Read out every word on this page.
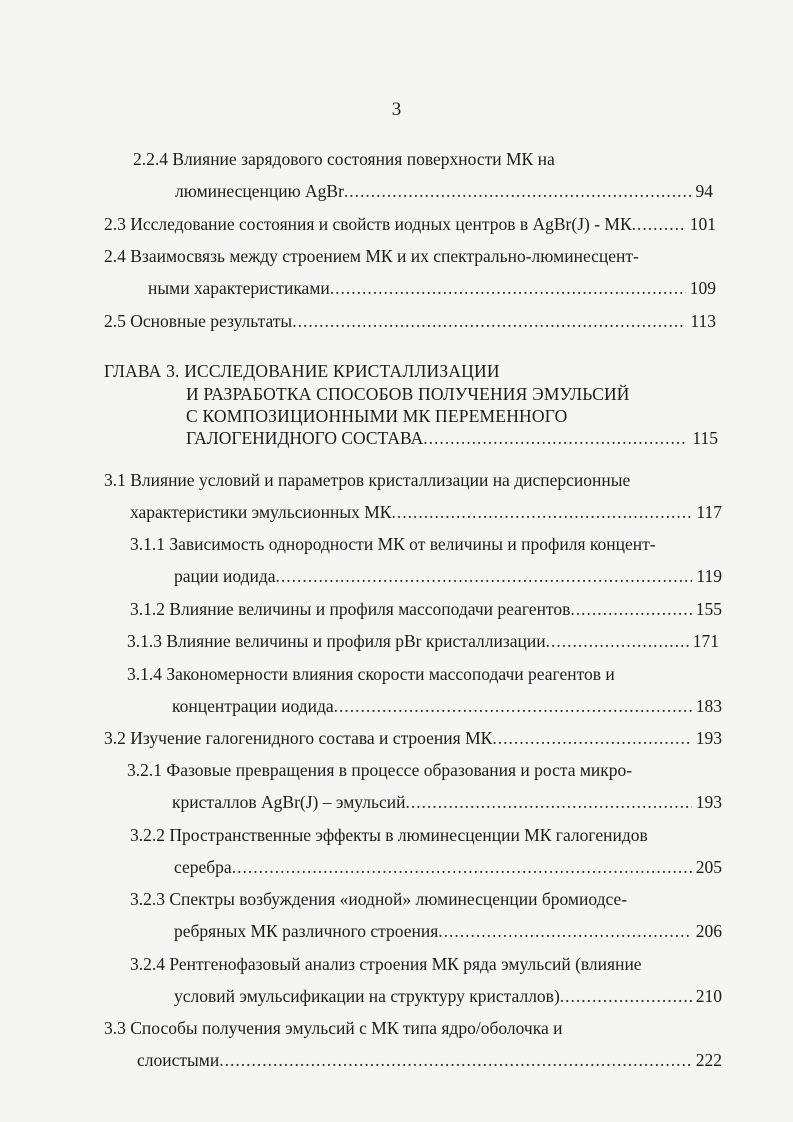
3
2.2.4 Влияние зарядового состояния поверхности МК на
люминесценцию AgBr .....	94
2.3 Исследование состояния и свойств иодных центров в AgBr(J) - МК .....	101
2.4 Взаимосвязь между строением МК и их спектрально-люминесцент-
ными характеристиками .....	109
2.5 Основные результаты .....	113
ГЛАВА 3. ИССЛЕДОВАНИЕ КРИСТАЛЛИЗАЦИИ
И РАЗРАБОТКА СПОСОБОВ ПОЛУЧЕНИЯ ЭМУЛЬСИЙ
С КОМПОЗИЦИОННЫМИ МК ПЕРЕМЕННОГО
ГАЛОГЕНИДНОГО СОСТАВА .....	115
3.1 Влияние условий и параметров кристаллизации на дисперсионные
характеристики эмульсионных МК .....	117
3.1.1 Зависимость однородности МК от величины и профиля концент-
рации иодида .....	119
3.1.2 Влияние величины и профиля массоподачи реагентов .....	155
3.1.3 Влияние величины и профиля pBr кристаллизации .....	171
3.1.4 Закономерности влияния скорости массоподачи реагентов и
концентрации иодида .....	183
3.2 Изучение галогенидного состава и строения МК .....	193
3.2.1 Фазовые превращения в процессе образования и роста микро-
кристаллов AgBr(J) – эмульсий .....	193
3.2.2 Пространственные эффекты в люминесценции МК галогенидов
серебра .....	205
3.2.3 Спектры возбуждения «иодной» люминесценции бромиодсе-
ребряных МК различного строения .....	206
3.2.4 Рентгенофазовый анализ строения МК ряда эмульсий (влияние
условий эмульсификации на структуру кристаллов) .....	210
3.3 Способы получения эмульсий с МК типа ядро/оболочка и
слоистыми .....	222
